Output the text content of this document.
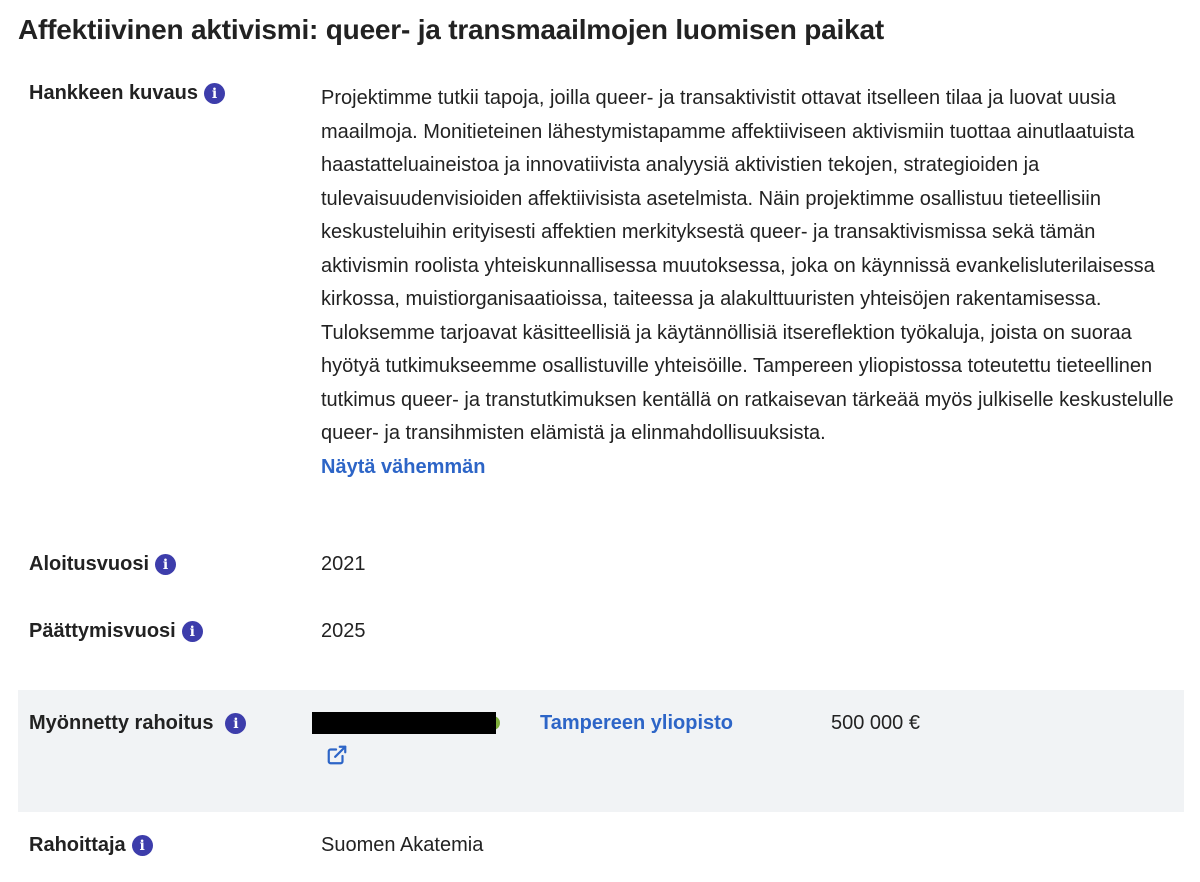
Affektiivinen aktivismi: queer- ja transmaailmojen luomisen paikat
Hankkeen kuvaus i	Projektimme tutkii tapoja, joilla queer- ja transaktivistit ottavat itselleen tilaa ja luovat uusia maailmoja. Monitieteinen lähestymistapamme affektiiviseen aktivismiin tuottaa ainutlaatuista haastatteluaineistoa ja innovatiivista analyysiä aktivistien tekojen, strategioiden ja tulevaisuudenvisioiden affektiivisista asetelmista. Näin projektimme osallistuu tieteellisiin keskusteluihin erityisesti affektien merkityksestä queer- ja transaktivismissa sekä tämän aktivismin roolista yhteiskunnallisessa muutoksessa, joka on käynnissä evankelisluterilaisessa kirkossa, muistiorganisaatioissa, taiteessa ja alakulttuuristen yhteisöjen rakentamisessa. Tuloksemme tarjoavat käsitteellisiä ja käytännöllisiä itsereflektion työkaluja, joista on suoraa hyötyä tutkimukseemme osallistuville yhteisöille. Tampereen yliopistossa toteutettu tieteellinen tutkimus queer- ja transtutkimuksen kentällä on ratkaisevan tärkeää myös julkiselle keskustelulle queer- ja transihmisten elämistä ja elinmahdollisuuksista.

Näytä vähemmän
Aloitusvuosi i	2021
Päättymisvuosi i	2025
Myönnetty rahoitus	i	Tampereen yliopisto	500 000 €
Rahoittaja i	Suomen Akatemia
